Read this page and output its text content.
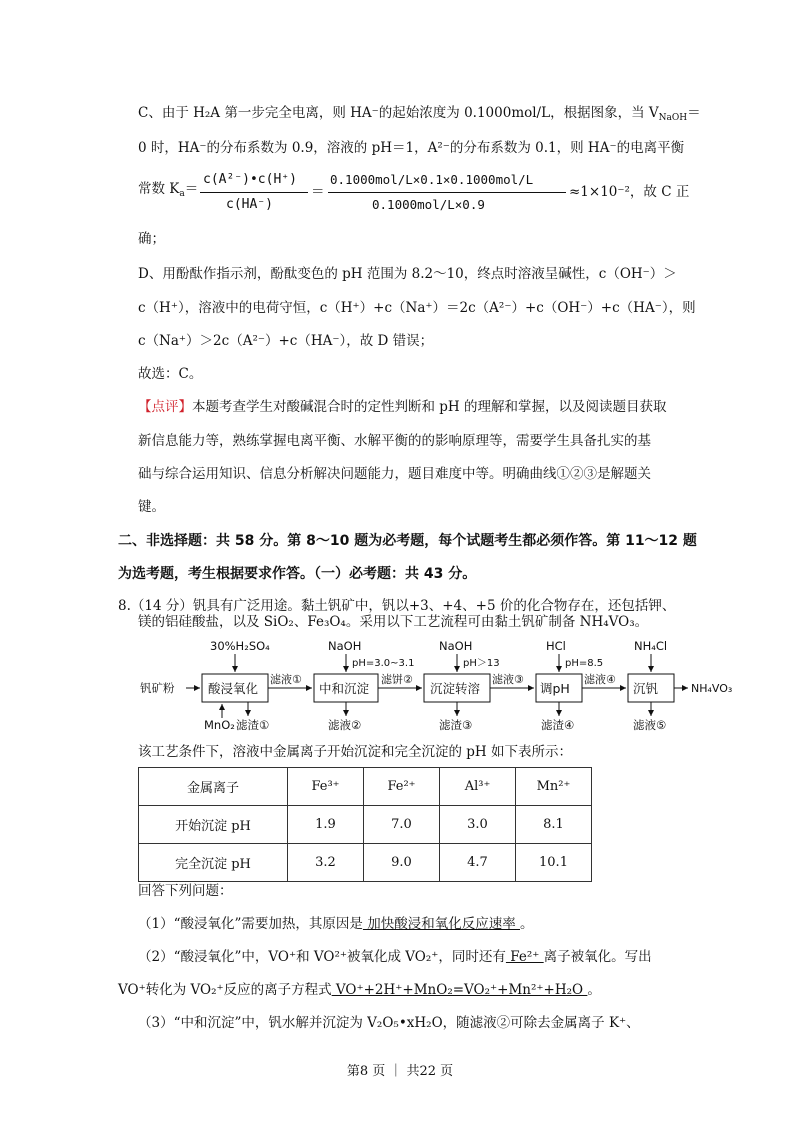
C、由于 H₂A 第一步完全电离，则 HA⁻的起始浓度为 0.1000mol/L，根据图象，当 $V_{NaOH}=$
0 时，HA⁻的分布系数为 0.9，溶液的 pH＝1，A²⁻的分布系数为 0.1，则 HA⁻的电离平衡
常数 $K_a=$
c(A²⁻)•c(H⁺)
c(HA⁻)
＝
0.1000mol/L×0.1×0.1000mol/L
0.1000mol/L×0.9
≈1×10⁻²，故 C 正
确；
D、用酚酞作指示剂，酚酞变色的 pH 范围为 8.2～10，终点时溶液呈碱性，c（OH⁻）＞
c（H⁺），溶液中的电荷守恒，c（H⁺）+c（Na⁺）＝2c（A²⁻）+c（OH⁻）+c（HA⁻），则
c（Na⁺）＞2c（A²⁻）+c（HA⁻），故 D 错误；
故选：C。
【点评】本题考查学生对酸碱混合时的定性判断和 pH 的理解和掌握，以及阅读题目获取
新信息能力等，熟练掌握电离平衡、水解平衡的的影响原理等，需要学生具备扎实的基
础与综合运用知识、信息分析解决问题能力，题目难度中等。明确曲线①②③是解题关
键。
二、非选择题：共 58 分。第 8～10 题为必考题，每个试题考生都必须作答。第 11～12 题
为选考题，考生根据要求作答。（一）必考题：共 43 分。
8.（14 分）钒具有广泛用途。黏土钒矿中，钒以+3、+4、+5 价的化合物存在，还包括钾、
镁的铝硅酸盐，以及 SiO₂、Fe₃O₄。采用以下工艺流程可由黏土钒矿制备 NH₄VO₃。
钒矿粉	酸浸氧化	中和沉淀	沉淀转溶	调pH	沉钒
30%H₂SO₄	NaOH	NaOH	HCl	NH₄Cl
pH=3.0~3.1	pH＞13	pH=8.5
滤液①	滤饼②	滤液③	滤液④
NH₄VO₃
MnO₂ 滤渣①	滤液②	滤渣③	滤渣④	滤液⑤
该工艺条件下，溶液中金属离子开始沉淀和完全沉淀的 pH 如下表所示：
金属离子	Fe³⁺	Fe²⁺	Al³⁺	Mn²⁺
开始沉淀 pH	1.9	7.0	3.0	8.1
完全沉淀 pH	3.2	9.0	4.7	10.1
回答下列问题：
（1）“酸浸氧化”需要加热，其原因是 加快酸浸和氧化反应速率 。
（2）“酸浸氧化”中，VO⁺和 VO²⁺被氧化成 VO₂⁺，同时还有 Fe²⁺ 离子被氧化。写出
VO⁺转化为 VO₂⁺反应的离子方程式 VO⁺+2H⁺+MnO₂=VO₂⁺+Mn²⁺+H₂O 。
（3）“中和沉淀”中，钒水解并沉淀为 V₂O₅•xH₂O，随滤液②可除去金属离子 K⁺、
第8 页 ｜ 共22 页
